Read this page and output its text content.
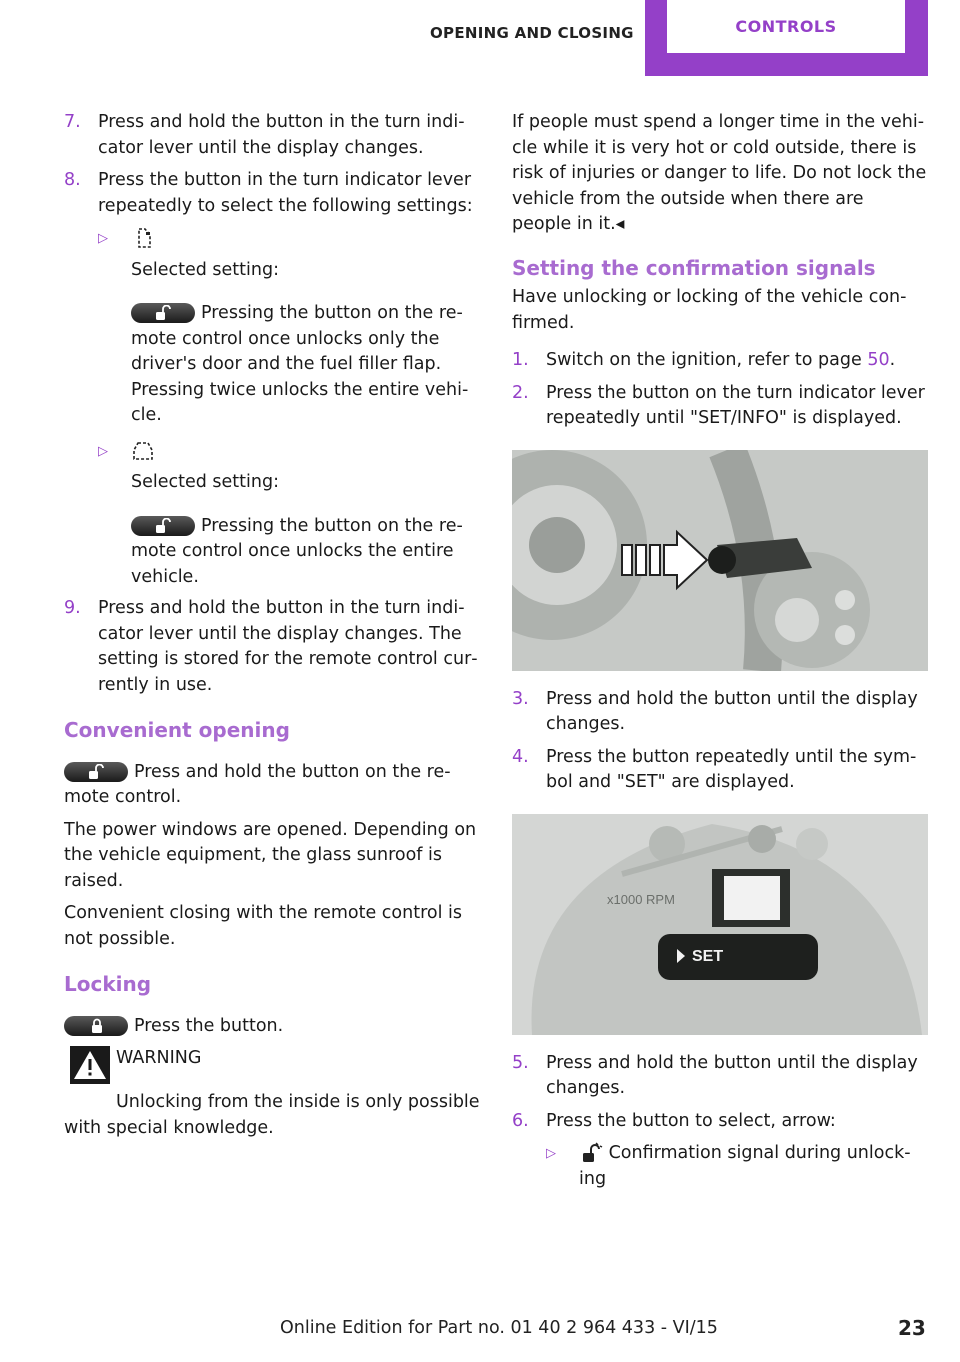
OPENING AND CLOSING	CONTROLS
7. Press and hold the button in the turn indicator lever until the display changes.
8. Press the button in the turn indicator lever repeatedly to select the following settings:
▷
Selected setting:
Pressing the button on the remote control once unlocks only the driver's door and the fuel filler flap. Pressing twice unlocks the entire vehicle.
▷
Selected setting:
Pressing the button on the remote control once unlocks the entire vehicle.
9. Press and hold the button in the turn indicator lever until the display changes. The setting is stored for the remote control currently in use.
Convenient opening

Press and hold the button on the remote control.

The power windows are opened. Depending on the vehicle equipment, the glass sunroof is raised.

Convenient closing with the remote control is not possible.

Locking

Press the button.

WARNING
Unlocking from the inside is only possible with special knowledge.

If people must spend a longer time in the vehicle while it is very hot or cold outside, there is risk of injuries or danger to life. Do not lock the vehicle from the outside when there are people in it.◂

Setting the confirmation signals

Have unlocking or locking of the vehicle confirmed.

1. Switch on the ignition, refer to page 50.
2. Press the button on the turn indicator lever repeatedly until "SET/INFO" is displayed.
3. Press and hold the button until the display changes.
4. Press the button repeatedly until the symbol and "SET" are displayed.
x1000 RPM
SET
5. Press and hold the button until the display changes.
6. Press the button to select, arrow:
▷	Confirmation signal during unlocking
Online Edition for Part no. 01 40 2 964 433 - VI/15	23
